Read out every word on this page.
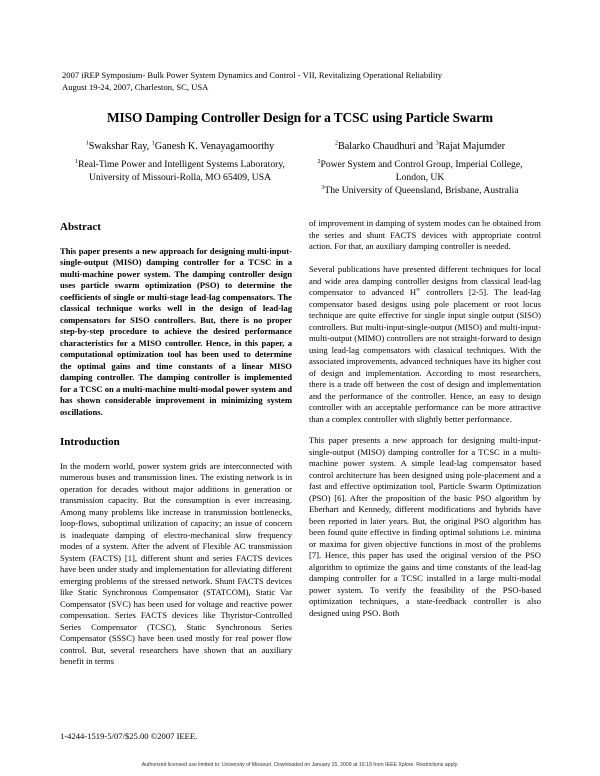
2007 iREP Symposium- Bulk Power System Dynamics and Control - VII, Revitalizing Operational Reliability
August 19-24, 2007, Charleston, SC, USA
MISO Damping Controller Design for a TCSC using Particle Swarm
$^1$Swakshar Ray, $^1$Ganesh K. Venayagamoorthy
$^1$Real-Time Power and Intelligent Systems Laboratory,
University of Missouri-Rolla, MO 65409, USA
$^2$Balarko Chaudhuri and $^3$Rajat Majumder
$^2$Power System and Control Group, Imperial College,
London, UK
$^3$The University of Queensland, Brisbane, Australia
Abstract

This paper presents a new approach for designing multi-input-single-output (MISO) damping controller for a TCSC in a multi-machine power system. The damping controller design uses particle swarm optimization (PSO) to determine the coefficients of single or multi-stage lead-lag compensators. The classical technique works well in the design of lead-lag compensators for SISO controllers. But, there is no proper step-by-step procedure to achieve the desired performance characteristics for a MISO controller. Hence, in this paper, a computational optimization tool has been used to determine the optimal gains and time constants of a linear MISO damping controller. The damping controller is implemented for a TCSC on a multi-machine multi-modal power system and has shown considerable improvement in minimizing system oscillations.

Introduction

In the modern world, power system grids are interconnected with numerous buses and transmission lines. The existing network is in operation for decades without major additions in generation or transmission capacity. But the consumption is ever increasing. Among many problems like increase in transmission bottlenecks, loop-flows, suboptimal utilization of capacity; an issue of concern is inadequate damping of electro-mechanical slow frequency modes of a system. After the advent of Flexible AC transmission System (FACTS) [1], different shunt and series FACTS devices have been under study and implementation for alleviating different emerging problems of the stressed network. Shunt FACTS devices like Static Synchronous Compensator (STATCOM), Static Var Compensator (SVC) has been used for voltage and reactive power compensation. Series FACTS devices like Thyristor-Controlled Series Compensator (TCSC), Static Synchronous Series Compensator (SSSC) have been used mostly for real power flow control. But, several researchers have shown that an auxiliary benefit in terms

of improvement in damping of system modes can be obtained from the series and shunt FACTS devices with appropriate control action. For that, an auxiliary damping controller is needed.

Several publications have presented different techniques for local and wide area damping controller designs from classical lead-lag compensator to advanced H∞ controllers [2-5]. The lead-lag compensator based designs using pole placement or root locus technique are quite effective for single input single output (SISO) controllers. But multi-input-single-output (MISO) and multi-input-multi-output (MIMO) controllers are not straight-forward to design using lead-lag compensators with classical techniques. With the associated improvements, advanced techniques have its higher cost of design and implementation. According to most researchers, there is a trade off between the cost of design and implementation and the performance of the controller. Hence, an easy to design controller with an acceptable performance can be more attractive than a complex controller with slightly better performance.

This paper presents a new approach for designing multi-input-single-output (MISO) damping controller for a TCSC in a multi-machine power system. A simple lead-lag compensator based control architecture has been designed using pole-placement and a fast and effective optimization tool, Particle Swarm Optimization (PSO) [6]. After the proposition of the basic PSO algorithm by Eberhart and Kennedy, different modifications and hybrids have been reported in later years. But, the original PSO algorithm has been found quite effective in finding optimal solutions i.e. minima or maxima for given objective functions in most of the problems [7]. Hence, this paper has used the original version of the PSO algorithm to optimize the gains and time constants of the lead-lag damping controller for a TCSC installed in a large multi-modal power system. To verify the feasibility of the PSO-based optimization techniques, a state-feedback controller is also designed using PSO. Both

1-4244-1519-5/07/$25.00 ©2007 IEEE.
Authorized licensed use limited to: University of Missouri. Downloaded on January 15, 2009 at 16:19 from IEEE Xplore. Restrictions apply.
